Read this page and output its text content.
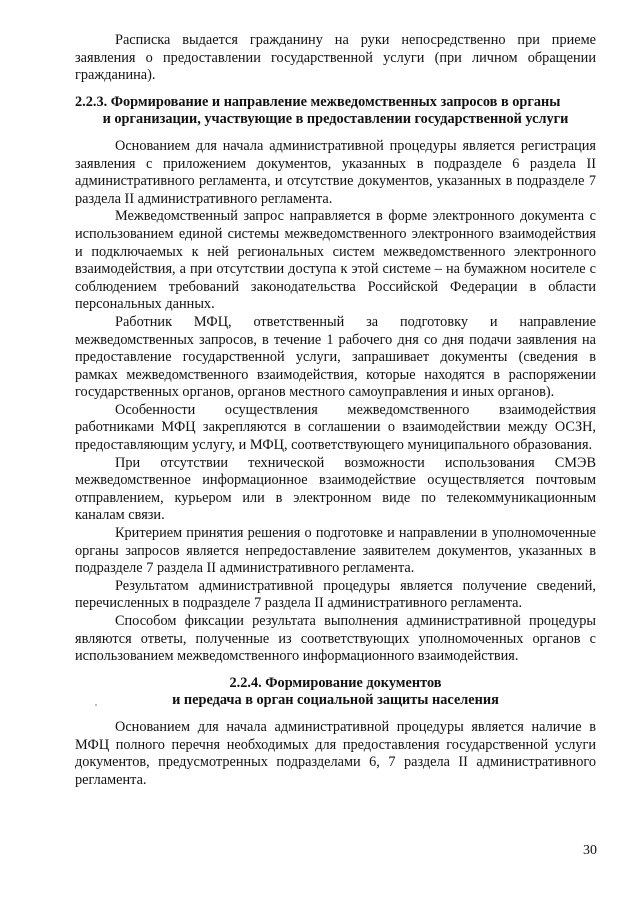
Расписка выдается гражданину на руки непосредственно при приеме заявления о предоставлении государственной услуги (при личном обращении гражданина).

2.2.3. Формирование и направление межведомственных запросов в органы
и организации, участвующие в предоставлении государственной услуги

Основанием для начала административной процедуры является регистрация заявления с приложением документов, указанных в подразделе 6 раздела II административного регламента, и отсутствие документов, указанных в подразделе 7 раздела II административного регламента.

Межведомственный запрос направляется в форме электронного документа с использованием единой системы межведомственного электронного взаимодействия и подключаемых к ней региональных систем межведомственного электронного взаимодействия, а при отсутствии доступа к этой системе – на бумажном носителе с соблюдением требований законодательства Российской Федерации в области персональных данных.

Работник МФЦ, ответственный за подготовку и направление межведомственных запросов, в течение 1 рабочего дня со дня подачи заявления на предоставление государственной услуги, запрашивает документы (сведения в рамках межведомственного взаимодействия, которые находятся в распоряжении государственных органов, органов местного самоуправления и иных органов).

Особенности осуществления межведомственного взаимодействия работниками МФЦ закрепляются в соглашении о взаимодействии между ОСЗН, предоставляющим услугу, и МФЦ, соответствующего муниципального образования.

При отсутствии технической возможности использования СМЭВ межведомственное информационное взаимодействие осуществляется почтовым отправлением, курьером или в электронном виде по телекоммуникационным каналам связи.

Критерием принятия решения о подготовке и направлении в уполномоченные органы запросов является непредоставление заявителем документов, указанных в подразделе 7 раздела II административного регламента.

Результатом административной процедуры является получение сведений, перечисленных в подразделе 7 раздела II административного регламента.

Способом фиксации результата выполнения административной процедуры являются ответы, полученные из соответствующих уполномоченных органов с использованием межведомственного информационного взаимодействия.

2.2.4. Формирование документов
и передача в орган социальной защиты населения

Основанием для начала административной процедуры является наличие в МФЦ полного перечня необходимых для предоставления государственной услуги документов, предусмотренных подразделами 6, 7 раздела II административного регламента.

30
